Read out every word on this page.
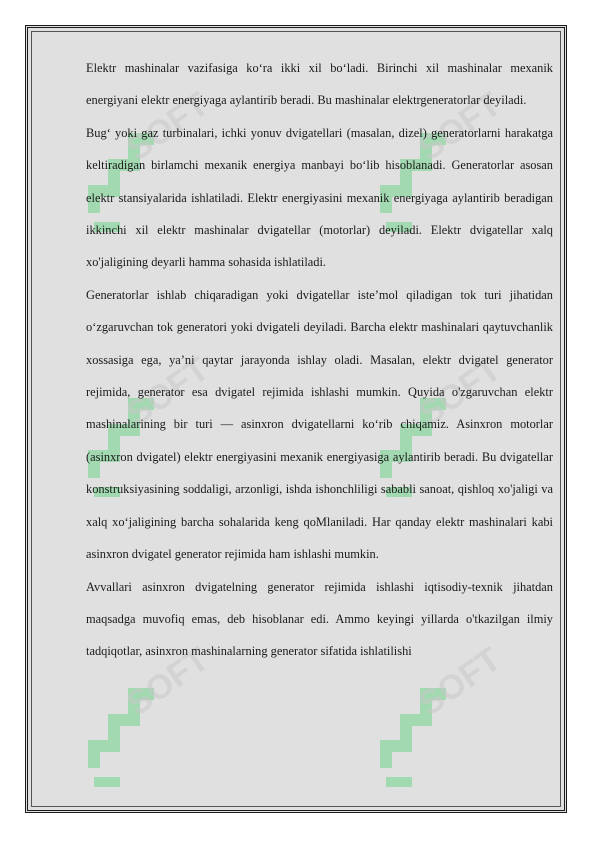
SOFT	SOFT
SOFT	SOFT
SOFT	SOFT

Elektr mashinalar vazifasiga ko‘ra ikki xil bo‘ladi. Birinchi xil mashinalar mexanik energiyani elektr energiyaga aylantirib beradi. Bu mashinalar elektrgeneratorlar deyiladi.

Bug‘ yoki gaz turbinalari, ichki yonuv dvigatellari (masalan, dizel) generatorlarni harakatga keltiradigan birlamchi mexanik energiya manbayi bo‘lib hisoblanadi. Generatorlar asosan elektr stansiyalarida ishlatiladi. Elektr energiyasini mexanik energiyaga aylantirib beradigan ikkinchi xil elektr mashinalar dvigatellar (motorlar) deyiladi. Elektr dvigatellar xalq xo'jaligining deyarli hamma sohasida ishlatiladi.

Generatorlar ishlab chiqaradigan yoki dvigatellar iste’mol qiladigan tok turi jihatidan o‘zgaruvchan tok generatori yoki dvigateli deyiladi. Barcha elektr mashinalari qaytuvchanlik xossasiga ega, ya’ni qaytar jarayonda ishlay oladi. Masalan, elektr dvigatel generator rejimida, generator esa dvigatel rejimida ishlashi mumkin. Quyida o'zgaruvchan elektr mashinalarining bir turi — asinxron dvigatellarni ko‘rib chiqamiz. Asinxron motorlar (asinxron dvigatel) elektr energiyasini mexanik energiyasiga aylantirib beradi. Bu dvigatellar konstruksiyasining soddaligi, arzonligi, ishda ishonchliligi sababli sanoat, qishloq xo'jaligi va xalq xo‘jaligining barcha sohalarida keng qoMlaniladi. Har qanday elektr mashinalari kabi asinxron dvigatel generator rejimida ham ishlashi mumkin.

Avvallari asinxron dvigatelning generator rejimida ishlashi iqtisodiy-texnik jihatdan maqsadga muvofiq emas, deb hisoblanar edi. Ammo keyingi yillarda o'tkazilgan ilmiy tadqiqotlar, asinxron mashinalarning generator sifatida ishlatilishi
